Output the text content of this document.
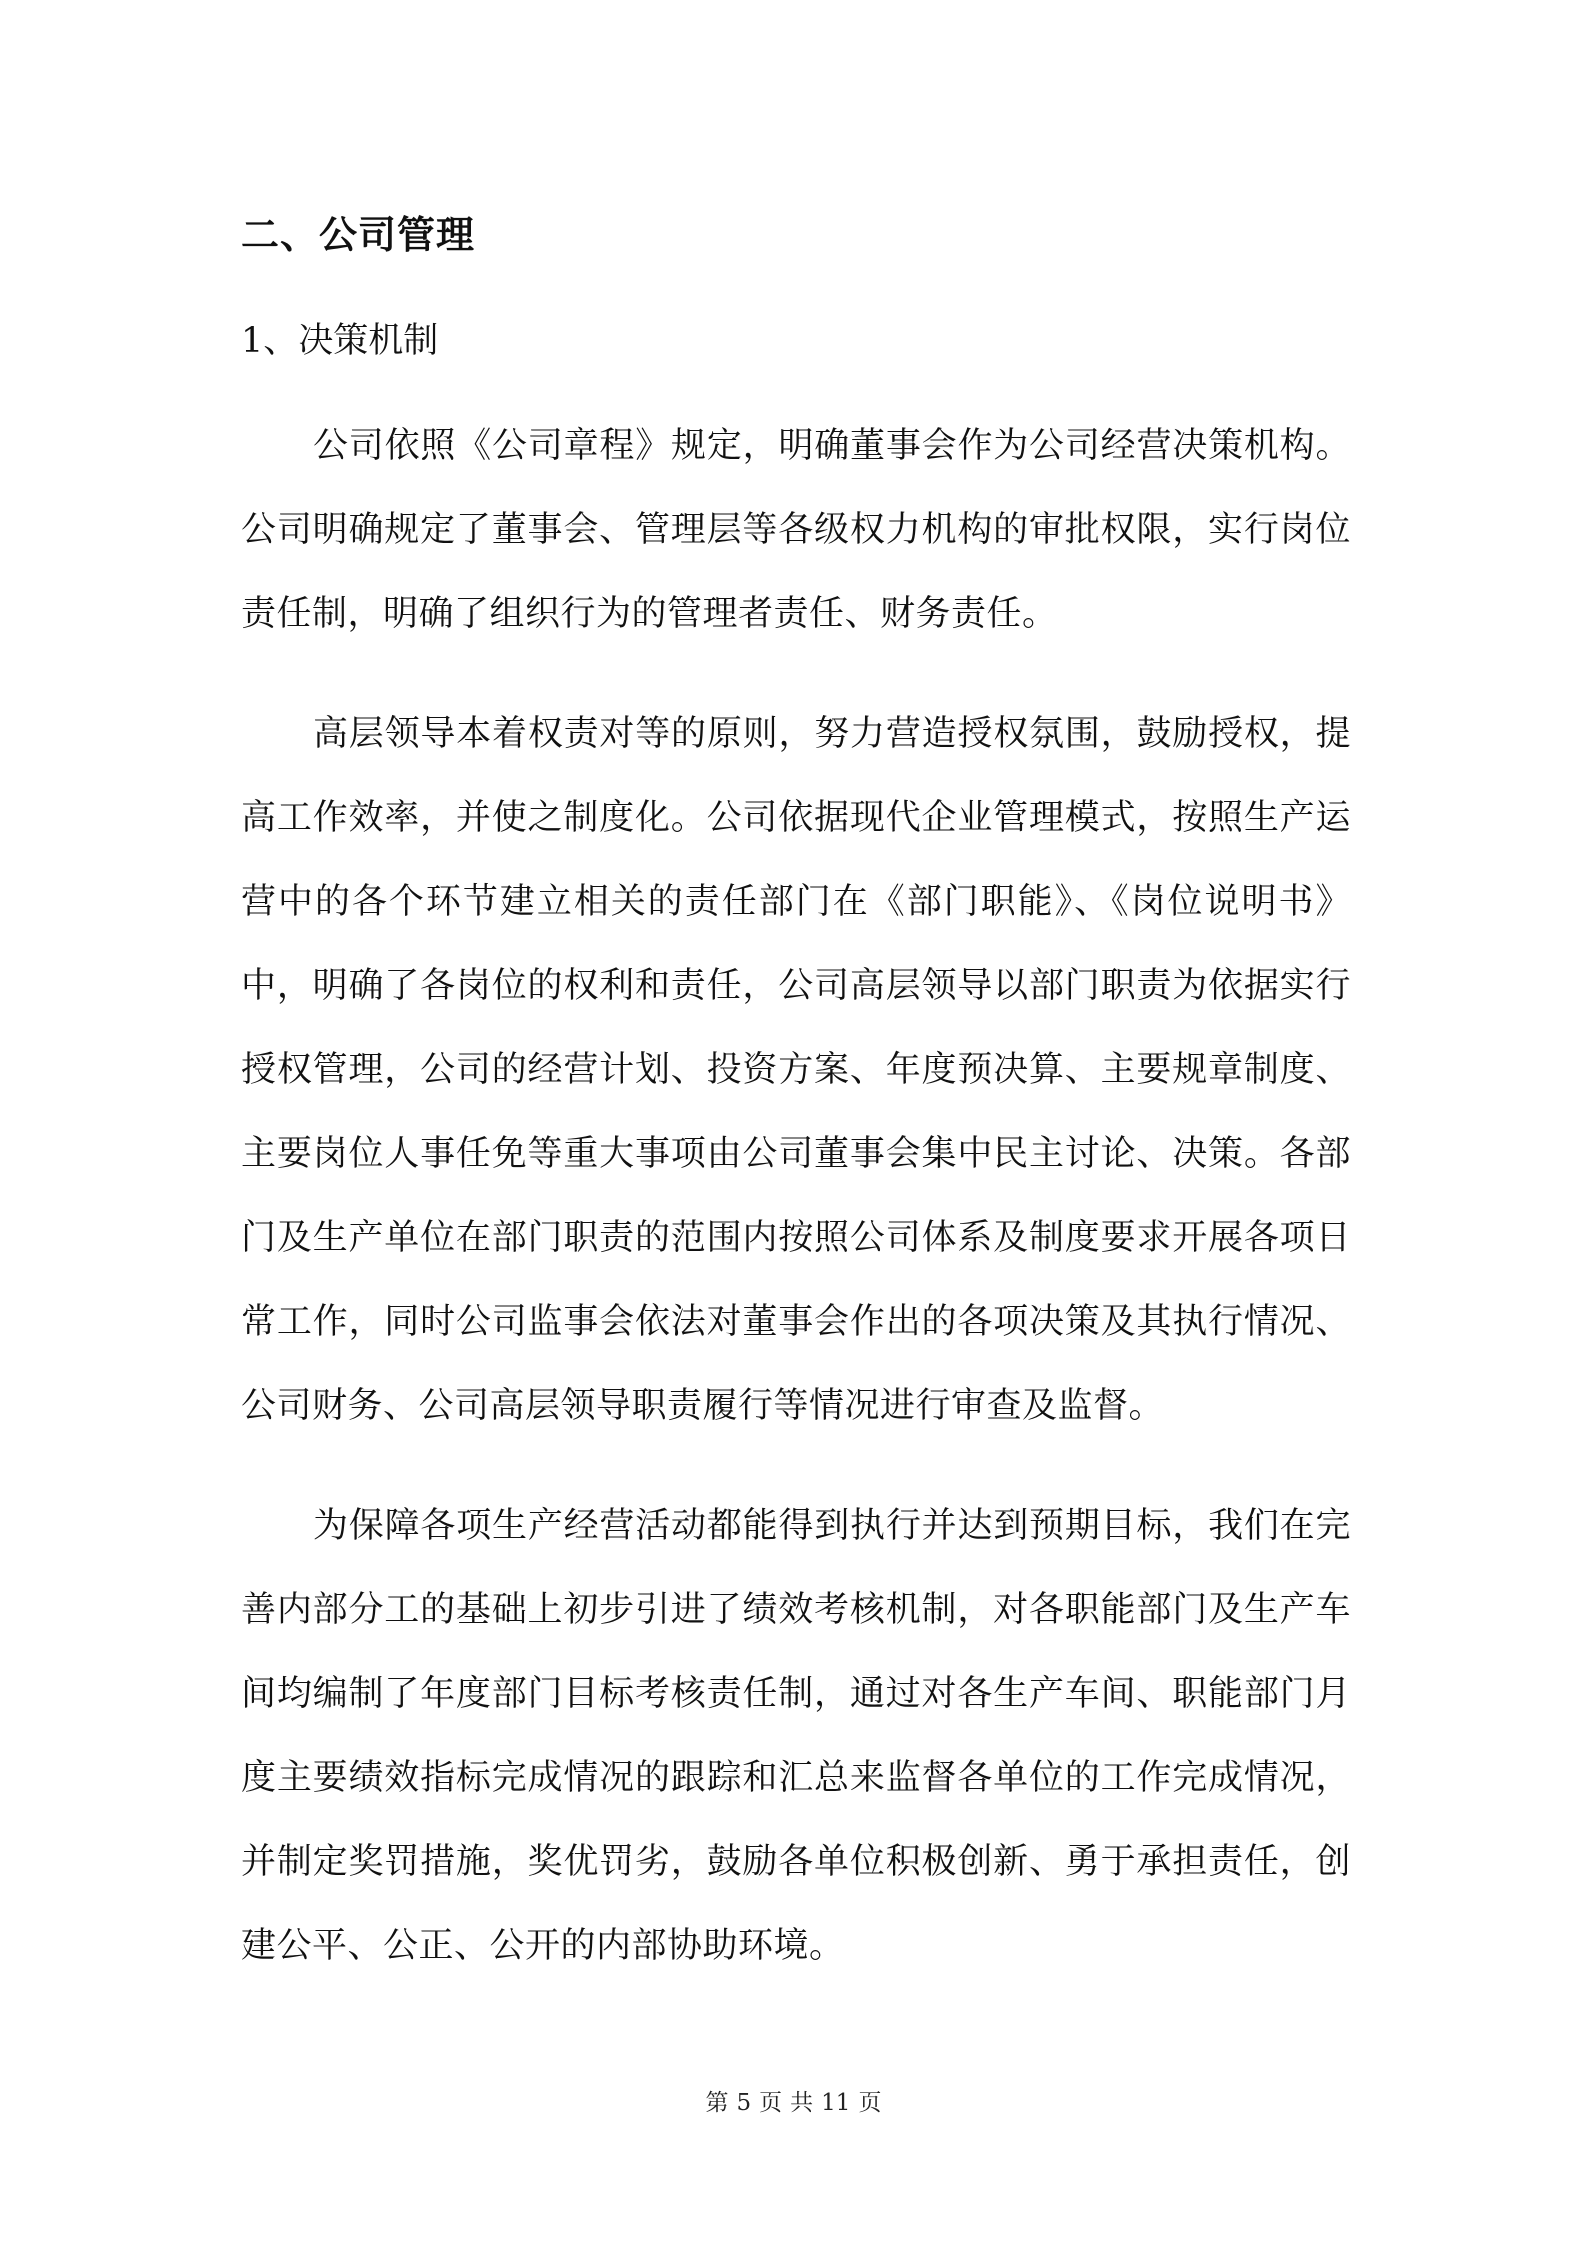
二、公司管理
1、决策机制

公司依照《公司章程》规定，明确董事会作为公司经营决策机构。公司明确规定了董事会、管理层等各级权力机构的审批权限，实行岗位责任制，明确了组织行为的管理者责任、财务责任。

高层领导本着权责对等的原则，努力营造授权氛围，鼓励授权，提高工作效率，并使之制度化。公司依据现代企业管理模式，按照生产运营中的各个环节建立相关的责任部门在《部门职能》、《岗位说明书》中，明确了各岗位的权利和责任，公司高层领导以部门职责为依据实行授权管理，公司的经营计划、投资方案、年度预决算、主要规章制度、主要岗位人事任免等重大事项由公司董事会集中民主讨论、决策。各部门及生产单位在部门职责的范围内按照公司体系及制度要求开展各项日常工作，同时公司监事会依法对董事会作出的各项决策及其执行情况、公司财务、公司高层领导职责履行等情况进行审查及监督。

为保障各项生产经营活动都能得到执行并达到预期目标，我们在完善内部分工的基础上初步引进了绩效考核机制，对各职能部门及生产车间均编制了年度部门目标考核责任制，通过对各生产车间、职能部门月度主要绩效指标完成情况的跟踪和汇总来监督各单位的工作完成情况，并制定奖罚措施，奖优罚劣，鼓励各单位积极创新、勇于承担责任，创建公平、公正、公开的内部协助环境。

第 5 页 共 11 页
